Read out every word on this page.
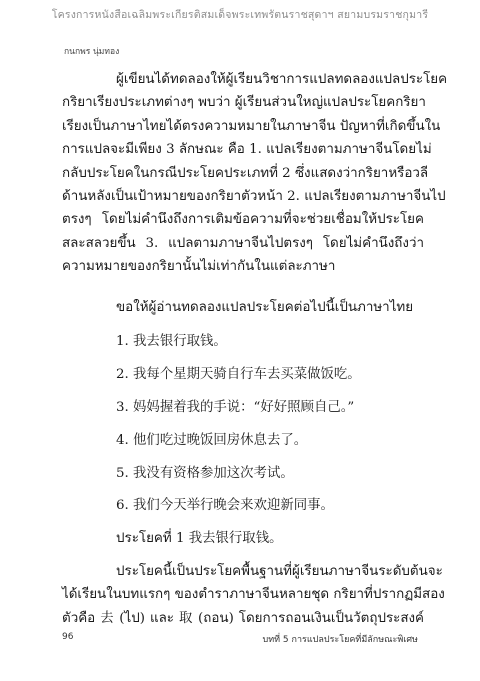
โครงการหนังสือเฉลิมพระเกียรติสมเด็จพระเทพรัตนราชสุดาฯ สยามบรมราชกุมารี
กนกพร นุ่มทอง
ผู้เขียนได้ทดลองให้ผู้เรียนวิชาการแปลทดลองแปลประโยค
กริยาเรียงประเภทต่างๆ พบว่า ผู้เรียนส่วนใหญ่แปลประโยคกริยา
เรียงเป็นภาษาไทยได้ตรงความหมายในภาษาจีน ปัญหาที่เกิดขึ้นใน
การแปลจะมีเพียง 3 ลักษณะ คือ 1. แปลเรียงตามภาษาจีนโดยไม่
กลับประโยคในกรณีประโยคประเภทที่ 2 ซึ่งแสดงว่ากริยาหรือวลี
ด้านหลังเป็นเป้าหมายของกริยาตัวหน้า 2. แปลเรียงตามภาษาจีนไป
ตรงๆ โดยไม่คำนึงถึงการเติมข้อความที่จะช่วยเชื่อมให้ประโยค
สละสลวยขึ้น 3. แปลตามภาษาจีนไปตรงๆ โดยไม่คำนึงถึงว่า
ความหมายของกริยานั้นไม่เท่ากันในแต่ละภาษา
ขอให้ผู้อ่านทดลองแปลประโยคต่อไปนี้เป็นภาษาไทย
1. 我去银行取钱。
2. 我每个星期天骑自行车去买菜做饭吃。
3. 妈妈握着我的手说：“好好照顾自己。”
4. 他们吃过晚饭回房休息去了。
5. 我没有资格参加这次考试。
6. 我们今天举行晚会来欢迎新同事。
ประโยคที่ 1 我去银行取钱。
ประโยคนี้เป็นประโยคพื้นฐานที่ผู้เรียนภาษาจีนระดับต้นจะ
ได้เรียนในบทแรกๆ ของตำราภาษาจีนหลายชุด กริยาที่ปรากฏมีสอง
ตัวคือ 去 (ไป) และ 取 (ถอน) โดยการถอนเงินเป็นวัตถุประสงค์
96	บทที่ 5 การแปลประโยคที่มีลักษณะพิเศษ
